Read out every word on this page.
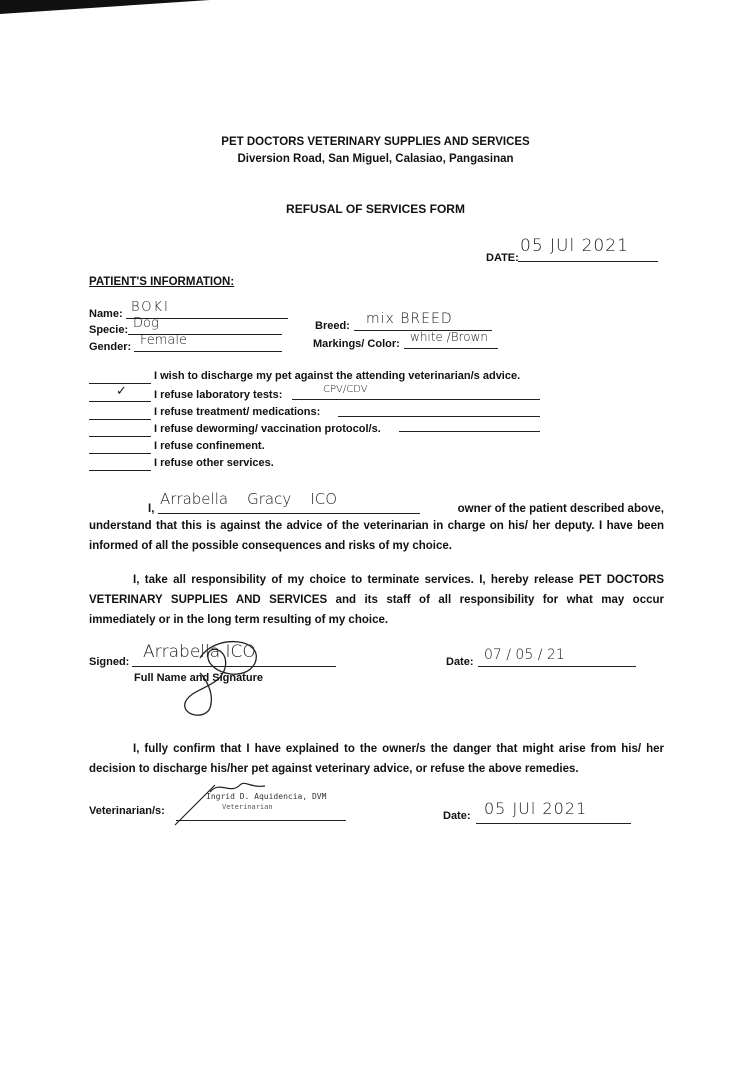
PET DOCTORS VETERINARY SUPPLIES AND SERVICES
Diversion Road, San Miguel, Calasiao, Pangasinan
REFUSAL OF SERVICES FORM
DATE:
05 JUl 2021
PATIENT'S INFORMATION:
Name: BOKI
Specie: Dog
Gender: Female
Breed: mix BREED
Markings/ Color: white /Brown
I wish to discharge my pet against the attending veterinarian/s advice.
✓ I refuse laboratory tests:	CPV/CDV
I refuse treatment/ medications:
I refuse deworming/ vaccination protocol/s.
I refuse confinement.
I refuse other services.
I,
Arrabella    Gracy    ICO
owner of the patient described above,
understand that this is against the advice of the veterinarian in charge on his/ her deputy. I have been informed of all the possible consequences and risks of my choice.
I, take all responsibility of my choice to terminate services. I, hereby release PET DOCTORS VETERINARY SUPPLIES AND SERVICES and its staff of all responsibility for what may occur immediately or in the long term resulting of my choice.
Signed: Arrabella ICO
Full Name and Signature
Date: 07 / 05 / 21
I, fully confirm that I have explained to the owner/s the danger that might arise from his/ her decision to discharge his/her pet against veterinary advice, or refuse the above remedies.
Veterinarian/s:
Ingrid D. Aquidencia, DVM
Veterinarian
Date: 05 JUl 2021
